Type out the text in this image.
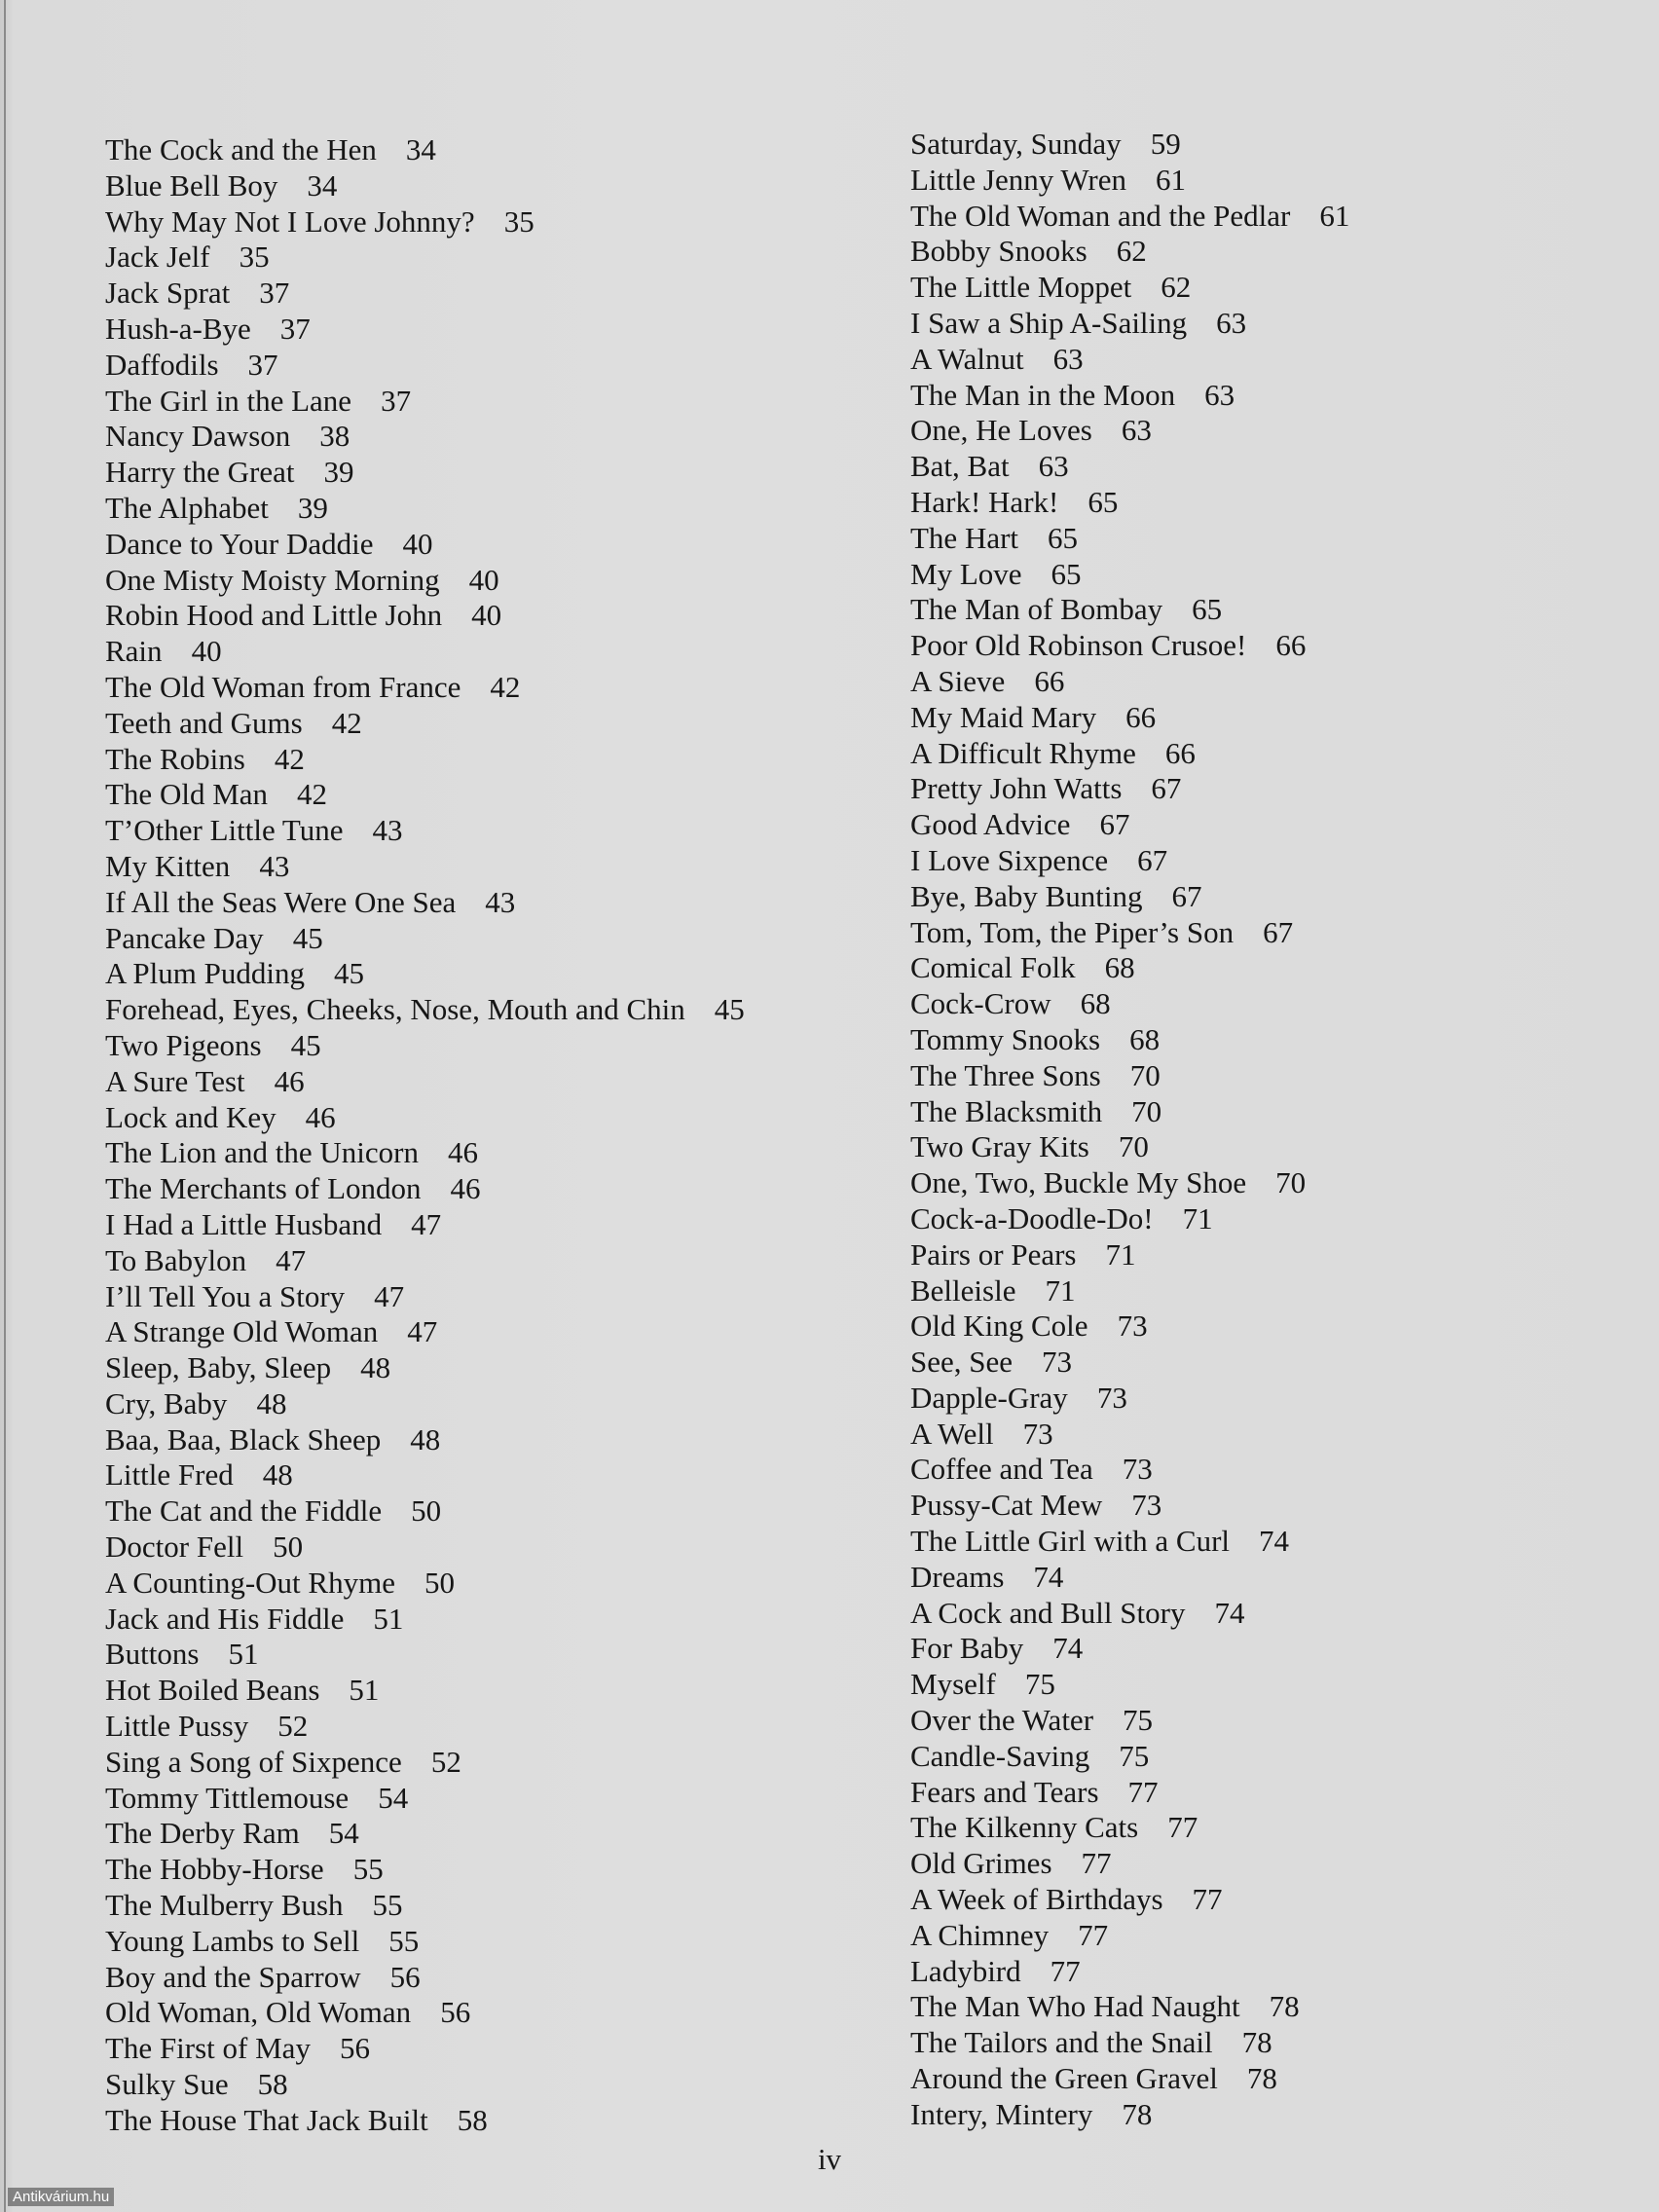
The Cock and the Hen 34
Blue Bell Boy 34
Why May Not I Love Johnny? 35
Jack Jelf 35
Jack Sprat 37
Hush-a-Bye 37
Daffodils 37
The Girl in the Lane 37
Nancy Dawson 38
Harry the Great 39
The Alphabet 39
Dance to Your Daddie 40
One Misty Moisty Morning 40
Robin Hood and Little John 40
Rain 40
The Old Woman from France 42
Teeth and Gums 42
The Robins 42
The Old Man 42
T’Other Little Tune 43
My Kitten 43
If All the Seas Were One Sea 43
Pancake Day 45
A Plum Pudding 45
Forehead, Eyes, Cheeks, Nose, Mouth and Chin 45
Two Pigeons 45
A Sure Test 46
Lock and Key 46
The Lion and the Unicorn 46
The Merchants of London 46
I Had a Little Husband 47
To Babylon 47
I’ll Tell You a Story 47
A Strange Old Woman 47
Sleep, Baby, Sleep 48
Cry, Baby 48
Baa, Baa, Black Sheep 48
Little Fred 48
The Cat and the Fiddle 50
Doctor Fell 50
A Counting-Out Rhyme 50
Jack and His Fiddle 51
Buttons 51
Hot Boiled Beans 51
Little Pussy 52
Sing a Song of Sixpence 52
Tommy Tittlemouse 54
The Derby Ram 54
The Hobby-Horse 55
The Mulberry Bush 55
Young Lambs to Sell 55
Boy and the Sparrow 56
Old Woman, Old Woman 56
The First of May 56
Sulky Sue 58
The House That Jack Built 58
Saturday, Sunday 59
Little Jenny Wren 61
The Old Woman and the Pedlar 61
Bobby Snooks 62
The Little Moppet 62
I Saw a Ship A-Sailing 63
A Walnut 63
The Man in the Moon 63
One, He Loves 63
Bat, Bat 63
Hark! Hark! 65
The Hart 65
My Love 65
The Man of Bombay 65
Poor Old Robinson Crusoe! 66
A Sieve 66
My Maid Mary 66
A Difficult Rhyme 66
Pretty John Watts 67
Good Advice 67
I Love Sixpence 67
Bye, Baby Bunting 67
Tom, Tom, the Piper’s Son 67
Comical Folk 68
Cock-Crow 68
Tommy Snooks 68
The Three Sons 70
The Blacksmith 70
Two Gray Kits 70
One, Two, Buckle My Shoe 70
Cock-a-Doodle-Do! 71
Pairs or Pears 71
Belleisle 71
Old King Cole 73
See, See 73
Dapple-Gray 73
A Well 73
Coffee and Tea 73
Pussy-Cat Mew 73
The Little Girl with a Curl 74
Dreams 74
A Cock and Bull Story 74
For Baby 74
Myself 75
Over the Water 75
Candle-Saving 75
Fears and Tears 77
The Kilkenny Cats 77
Old Grimes 77
A Week of Birthdays 77
A Chimney 77
Ladybird 77
The Man Who Had Naught 78
The Tailors and the Snail 78
Around the Green Gravel 78
Intery, Mintery 78
iv
Antikvárium.hu
